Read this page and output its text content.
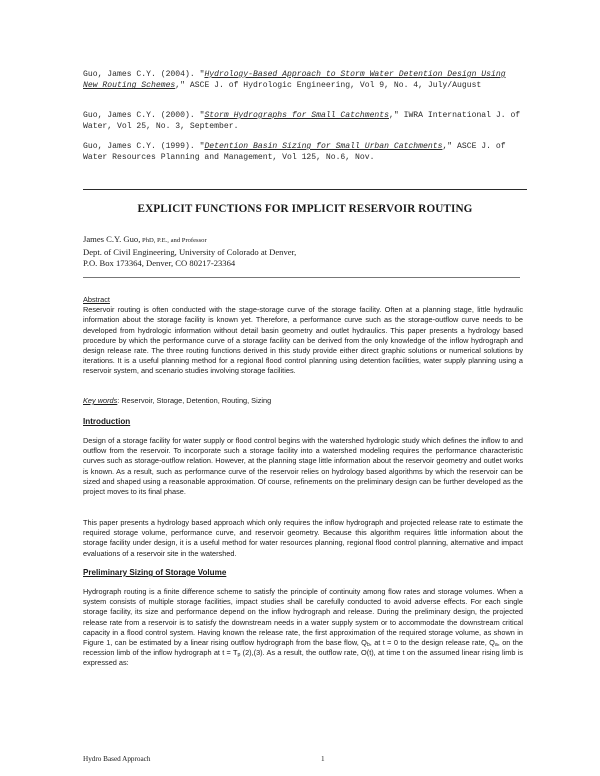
Guo, James C.Y. (2004). "Hydrology-Based Approach to Storm Water Detention Design Using New Routing Schemes," ASCE J. of Hydrologic Engineering, Vol 9, No. 4, July/August
Guo, James C.Y. (2000). "Storm Hydrographs for Small Catchments," IWRA International J. of Water, Vol 25, No. 3, September.
Guo, James C.Y. (1999). "Detention Basin Sizing for Small Urban Catchments," ASCE J. of Water Resources Planning and Management, Vol 125, No.6, Nov.
EXPLICIT FUNCTIONS FOR IMPLICIT RESERVOIR ROUTING
James C.Y. Guo, PhD, P.E., and Professor
Dept. of Civil Engineering, University of Colorado at Denver,
P.O. Box 173364, Denver, CO 80217-23364
Abstract
Reservoir routing is often conducted with the stage-storage curve of the storage facility. Often at a planning stage, little hydraulic information about the storage facility is known yet. Therefore, a performance curve such as the storage-outflow curve needs to be developed from hydrologic information without detail basin geometry and outlet hydraulics. This paper presents a hydrology based procedure by which the performance curve of a storage facility can be derived from the only knowledge of the inflow hydrograph and design release rate. The three routing functions derived in this study provide either direct graphic solutions or numerical solutions by iterations. It is a useful planning method for a regional flood control planning using detention facilities, water supply planning using a reservoir system, and scenario studies involving storage facilities.
Key words: Reservoir, Storage, Detention, Routing, Sizing
Introduction
Design of a storage facility for water supply or flood control begins with the watershed hydrologic study which defines the inflow to and outflow from the reservoir. To incorporate such a storage facility into a watershed modeling requires the performance characteristic curves such as storage-outflow relation. However, at the planning stage little information about the reservoir geometry and outlet works is known. As a result, such as performance curve of the reservoir relies on hydrology based algorithms by which the reservoir can be sized and shaped using a reasonable approximation. Of course, refinements on the preliminary design can be further developed as the project moves to its final phase.
This paper presents a hydrology based approach which only requires the inflow hydrograph and projected release rate to estimate the required storage volume, performance curve, and reservoir geometry. Because this algorithm requires little information about the storage facility under design, it is a useful method for water resources planning, regional flood control planning, alternative and impact evaluations of a reservoir site in the watershed.
Preliminary Sizing of Storage Volume
Hydrograph routing is a finite difference scheme to satisfy the principle of continuity among flow rates and storage volumes. When a system consists of multiple storage facilities, impact studies shall be carefully conducted to avoid adverse effects. For each single storage facility, its size and performance depend on the inflow hydrograph and release. During the preliminary design, the projected release rate from a reservoir is to satisfy the downstream needs in a water supply system or to accommodate the downstream critical capacity in a flood control system. Having known the release rate, the first approximation of the required storage volume, as shown in Figure 1, can be estimated by a linear rising outflow hydrograph from the base flow, $Q_b$, at t = 0 to the design release rate, $Q_a$, on the recession limb of the inflow hydrograph at $t = T_p$ (2),(3). As a result, the outflow rate, O(t), at time t on the assumed linear rising limb is expressed as:
Hydro Based Approach	1
